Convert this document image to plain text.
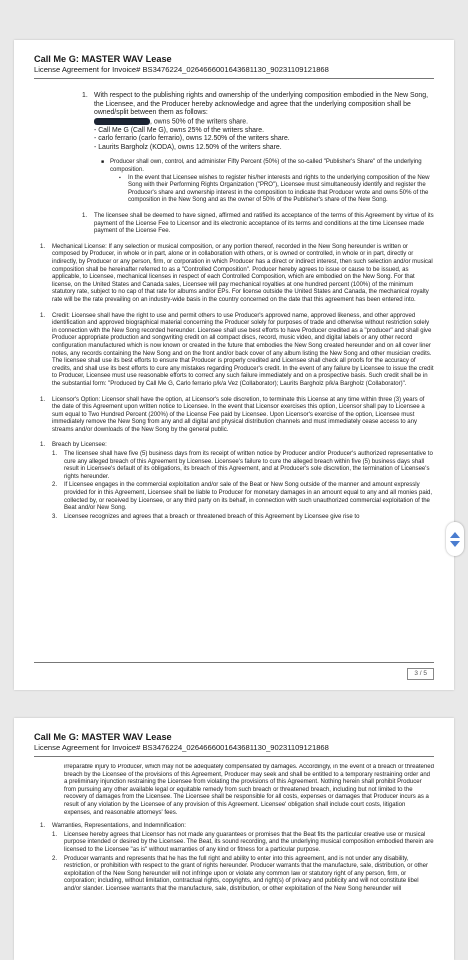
Call Me G: MASTER WAV Lease
License Agreement for Invoice# BS3476224_0264666001643681130_90231109121868
1. With respect to the publishing rights and ownership of the underlying composition embodied in the New Song, the Licensee, and the Producer hereby acknowledge and agree that the underlying composition shall be owned/split between them as follows:
, owns 50% of the writers share.
- Call Me G (Call Me G), owns 25% of the writers share.
- carlo ferrario (carlo ferrario), owns 12.50% of the writers share.
- Laurits Bargholz (KODA), owns 12.50% of the writers share.
■ Producer shall own, control, and administer Fifty Percent (50%) of the so-called "Publisher's Share" of the underlying composition.
▪ In the event that Licensee wishes to register his/her interests and rights to the underlying composition of the New Song with their Performing Rights Organization ("PRO"), Licensee must simultaneously identify and register the Producer's share and ownership interest in the composition to indicate that Producer wrote and owns 50% of the composition in the New Song and as the owner of 50% of the Publisher's share of the New Song.
1. The licensee shall be deemed to have signed, affirmed and ratified its acceptance of the terms of this Agreement by virtue of its payment of the License Fee to Licensor and its electronic acceptance of its terms and conditions at the time Licensee made payment of the License Fee.
1. Mechanical License: If any selection or musical composition, or any portion thereof, recorded in the New Song hereunder is written or composed by Producer, in whole or in part, alone or in collaboration with others, or is owned or controlled, in whole or in part, directly or indirectly, by Producer or any person, firm, or corporation in which Producer has a direct or indirect interest, then such selection and/or musical composition shall be hereinafter referred to as a "Controlled Composition". Producer hereby agrees to issue or cause to be issued, as applicable, to Licensee, mechanical licenses in respect of each Controlled Composition, which are embodied on the New Song. For that license, on the United States and Canada sales, Licensee will pay mechanical royalties at one hundred percent (100%) of the minimum statutory rate, subject to no cap of that rate for albums and/or EPs. For license outside the United States and Canada, the mechanical royalty rate will be the rate prevailing on an industry-wide basis in the country concerned on the date that this agreement has been entered into.
1. Credit: Licensee shall have the right to use and permit others to use Producer's approved name, approved likeness, and other approved identification and approved biographical material concerning the Producer solely for purposes of trade and otherwise without restriction solely in connection with the New Song recorded hereunder. Licensee shall use best efforts to have Producer credited as a "producer" and shall give Producer appropriate production and songwriting credit on all compact discs, record, music video, and digital labels or any other record configuration manufactured which is now known or created in the future that embodies the New Song created hereunder and on all cover liner notes, any records containing the New Song and on the front and/or back cover of any album listing the New Song and other musician credits. The licensee shall use its best efforts to ensure that Producer is properly credited and Licensee shall check all proofs for the accuracy of credits, and shall use its best efforts to cure any mistakes regarding Producer's credit. In the event of any failure by Licensee to issue the credit to Producer, Licensee must use reasonable efforts to correct any such failure immediately and on a prospective basis. Such credit shall be in the substantial form: "Produced by Call Me G, Carlo ferrario p/k/a Vez (Collaborator); Laurits Bargholz p/k/a Bargholz (Collaborator)".
1. Licensor's Option: Licensor shall have the option, at Licensor's sole discretion, to terminate this License at any time within three (3) years of the date of this Agreement upon written notice to Licensee. In the event that Licensor exercises this option, Licensor shall pay to Licensee a sum equal to Two Hundred Percent (200%) of the License Fee paid by Licensee. Upon Licensor's exercise of the option, Licensee must immediately remove the New Song from any and all digital and physical distribution channels and must immediately cease access to any streams and/or downloads of the New Song by the general public.
1. Breach by Licensee:
1. The licensee shall have five (5) business days from its receipt of written notice by Producer and/or Producer's authorized representative to cure any alleged breach of this Agreement by Licensee. Licensee's failure to cure the alleged breach within five (5) business days shall result in Licensee's default of its obligations, its breach of this Agreement, and at Producer's sole discretion, the termination of Licensee's rights hereunder.
2. If Licensee engages in the commercial exploitation and/or sale of the Beat or New Song outside of the manner and amount expressly provided for in this Agreement, Licensee shall be liable to Producer for monetary damages in an amount equal to any and all monies paid, collected by, or received by Licensee, or any third party on its behalf, in connection with such unauthorized commercial exploitation of the Beat and/or New Song.
3. Licensee recognizes and agrees that a breach or threatened breach of this Agreement by Licensee give rise to
3 / 5
Call Me G: MASTER WAV Lease
License Agreement for Invoice# BS3476224_0264666001643681130_90231109121868
irreparable injury to Producer, which may not be adequately compensated by damages. Accordingly, in the event of a breach or threatened breach by the Licensee of the provisions of this Agreement, Producer may seek and shall be entitled to a temporary restraining order and a preliminary injunction restraining the Licensee from violating the provisions of this Agreement. Nothing herein shall prohibit Producer from pursuing any other available legal or equitable remedy from such breach or threatened breach, including but not limited to the recovery of damages from the Licensee. The Licensee shall be responsible for all costs, expenses or damages that Producer incurs as a result of any violation by the Licensee of any provision of this Agreement. Licensee' obligation shall include court costs, litigation expenses, and reasonable attorneys' fees.
1. Warranties, Representations, and Indemnification:
1. Licensee hereby agrees that Licensor has not made any guarantees or promises that the Beat fits the particular creative use or musical purpose intended or desired by the Licensee. The Beat, its sound recording, and the underlying musical composition embodied therein are licensed to the Licensee "as is" without warranties of any kind or fitness for a particular purpose.
2. Producer warrants and represents that he has the full right and ability to enter into this agreement, and is not under any disability, restriction, or prohibition with respect to the grant of rights hereunder. Producer warrants that the manufacture, sale, distribution, or other exploitation of the New Song hereunder will not infringe upon or violate any common law or statutory right of any person, firm, or corporation; including, without limitation, contractual rights, copyrights, and right(s) of privacy and publicity and will not constitute libel and/or slander. Licensee warrants that the manufacture, sale, distribution, or other exploitation of the New Song hereunder will
